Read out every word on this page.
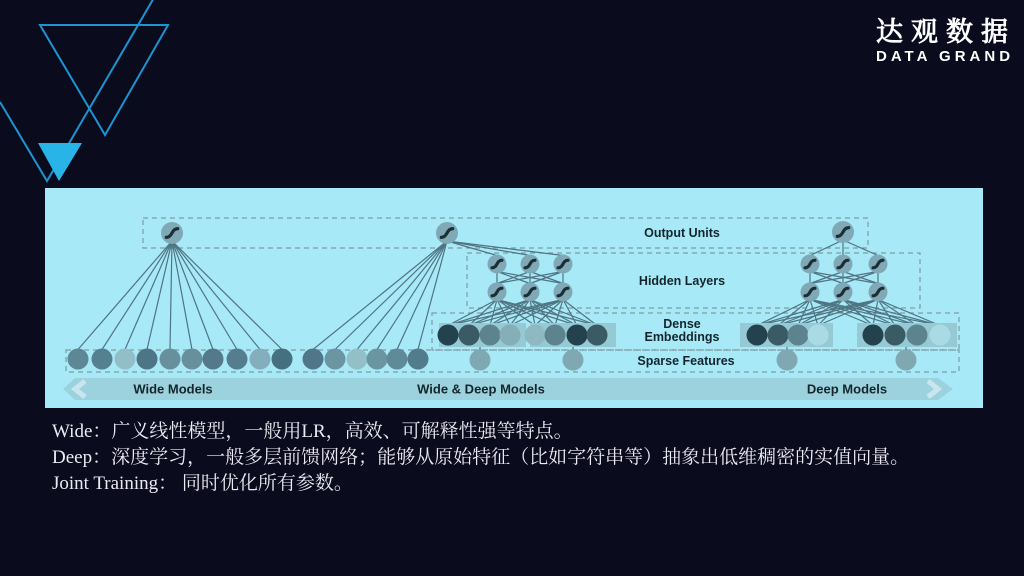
达观数据
DATA GRAND
Wide Models	Wide & Deep Models	Deep Models
Output Units
Hidden Layers
Dense
Embeddings
Sparse Features
Wide：广义线性模型，一般用LR，高效、可解释性强等特点。
Deep：深度学习，一般多层前馈网络；能够从原始特征（比如字符串等）抽象出低维稠密的实值向量。
Joint Training： 同时优化所有参数。
